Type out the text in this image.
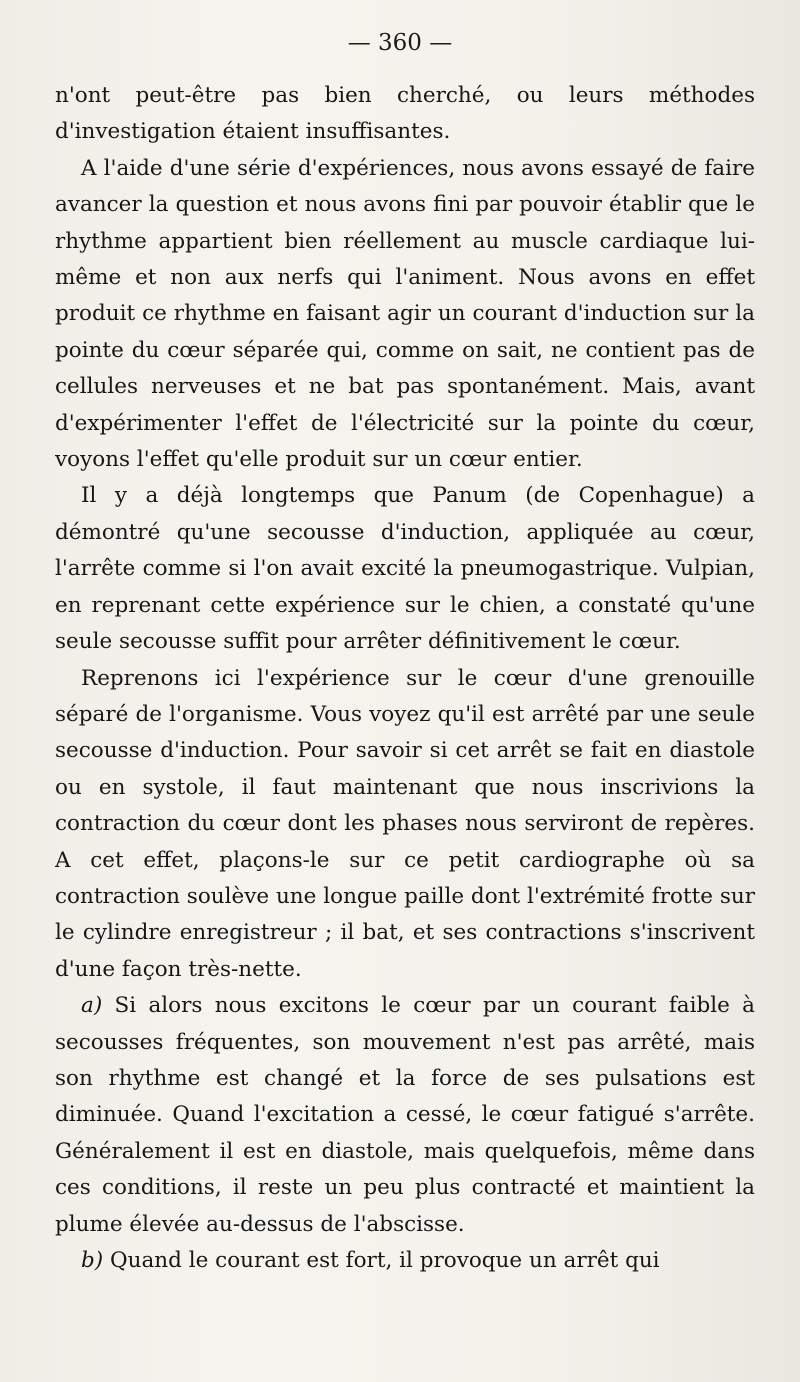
— 360 —

n'ont peut-être pas bien cherché, ou leurs méthodes d'investigation étaient insuffisantes.

A l'aide d'une série d'expériences, nous avons essayé de faire avancer la question et nous avons fini par pouvoir établir que le rhythme appartient bien réellement au muscle cardiaque lui-même et non aux nerfs qui l'animent. Nous avons en effet produit ce rhythme en faisant agir un courant d'induction sur la pointe du cœur séparée qui, comme on sait, ne contient pas de cellules nerveuses et ne bat pas spontanément. Mais, avant d'expérimenter l'effet de l'électricité sur la pointe du cœur, voyons l'effet qu'elle produit sur un cœur entier.

Il y a déjà longtemps que Panum (de Copenhague) a démontré qu'une secousse d'induction, appliquée au cœur, l'arrête comme si l'on avait excité la pneumogastrique. Vulpian, en reprenant cette expérience sur le chien, a constaté qu'une seule secousse suffit pour arrêter définitivement le cœur.

Reprenons ici l'expérience sur le cœur d'une grenouille séparé de l'organisme. Vous voyez qu'il est arrêté par une seule secousse d'induction. Pour savoir si cet arrêt se fait en diastole ou en systole, il faut maintenant que nous inscrivions la contraction du cœur dont les phases nous serviront de repères. A cet effet, plaçons-le sur ce petit cardiographe où sa contraction soulève une longue paille dont l'extrémité frotte sur le cylindre enregistreur ; il bat, et ses contractions s'inscrivent d'une façon très-nette.

a) Si alors nous excitons le cœur par un courant faible à secousses fréquentes, son mouvement n'est pas arrêté, mais son rhythme est changé et la force de ses pulsations est diminuée. Quand l'excitation a cessé, le cœur fatigué s'arrête. Généralement il est en diastole, mais quelquefois, même dans ces conditions, il reste un peu plus contracté et maintient la plume élevée au-dessus de l'abscisse.

b) Quand le courant est fort, il provoque un arrêt qui
